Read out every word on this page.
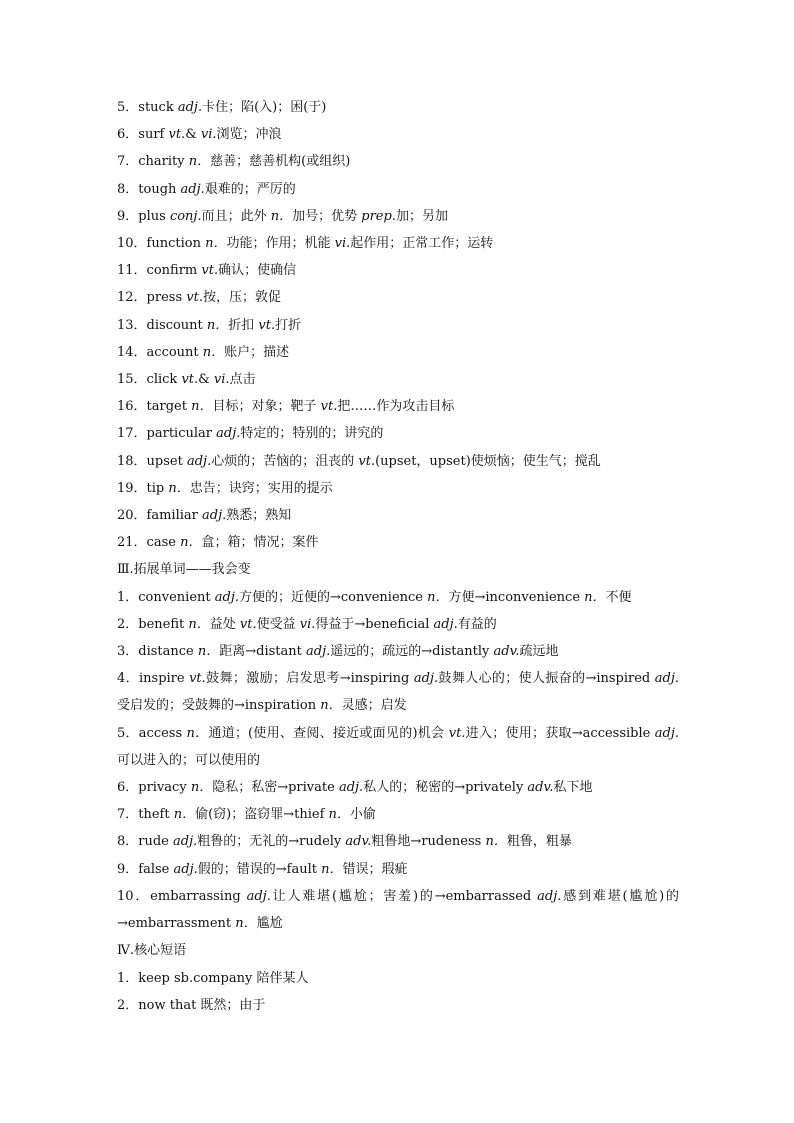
5．stuck adj.卡住；陷(入)；困(于)
6．surf vt.& vi.浏览；冲浪
7．charity n．慈善；慈善机构(或组织)
8．tough adj.艰难的；严厉的
9．plus conj.而且；此外 n．加号；优势 prep.加；另加
10．function n．功能；作用；机能 vi.起作用；正常工作；运转
11．confirm vt.确认；使确信
12．press vt.按，压；敦促
13．discount n．折扣 vt.打折
14．account n．账户；描述
15．click vt.& vi.点击
16．target n．目标；对象；靶子 vt.把……作为攻击目标
17．particular adj.特定的；特别的；讲究的
18．upset adj.心烦的；苦恼的；沮丧的 vt.(upset，upset)使烦恼；使生气；搅乱
19．tip n．忠告；诀窍；实用的提示
20．familiar adj.熟悉；熟知
21．case n．盒；箱；情况；案件
Ⅲ.拓展单词——我会变
1．convenient adj.方便的；近便的→convenience n．方便→inconvenience n．不便
2．benefit n．益处 vt.使受益 vi.得益于→beneficial adj.有益的
3．distance n．距离→distant adj.遥远的；疏远的→distantly adv.疏远地
4．inspire vt.鼓舞；激励；启发思考→inspiring adj.鼓舞人心的；使人振奋的→inspired adj.受启发的；受鼓舞的→inspiration n．灵感；启发
5．access n．通道；(使用、查阅、接近或面见的)机会 vt.进入；使用；获取→accessible adj.可以进入的；可以使用的
6．privacy n．隐私；私密→private adj.私人的；秘密的→privately adv.私下地
7．theft n．偷(窃)；盗窃罪→thief n．小偷
8．rude adj.粗鲁的；无礼的→rudely adv.粗鲁地→rudeness n．粗鲁，粗暴
9．false adj.假的；错误的→fault n．错误；瑕疵
10．embarrassing adj.让人难堪(尴尬；害羞)的→embarrassed adj.感到难堪(尴尬)的→embarrassment n．尴尬
Ⅳ.核心短语
1．keep sb.company 陪伴某人
2．now that 既然；由于
